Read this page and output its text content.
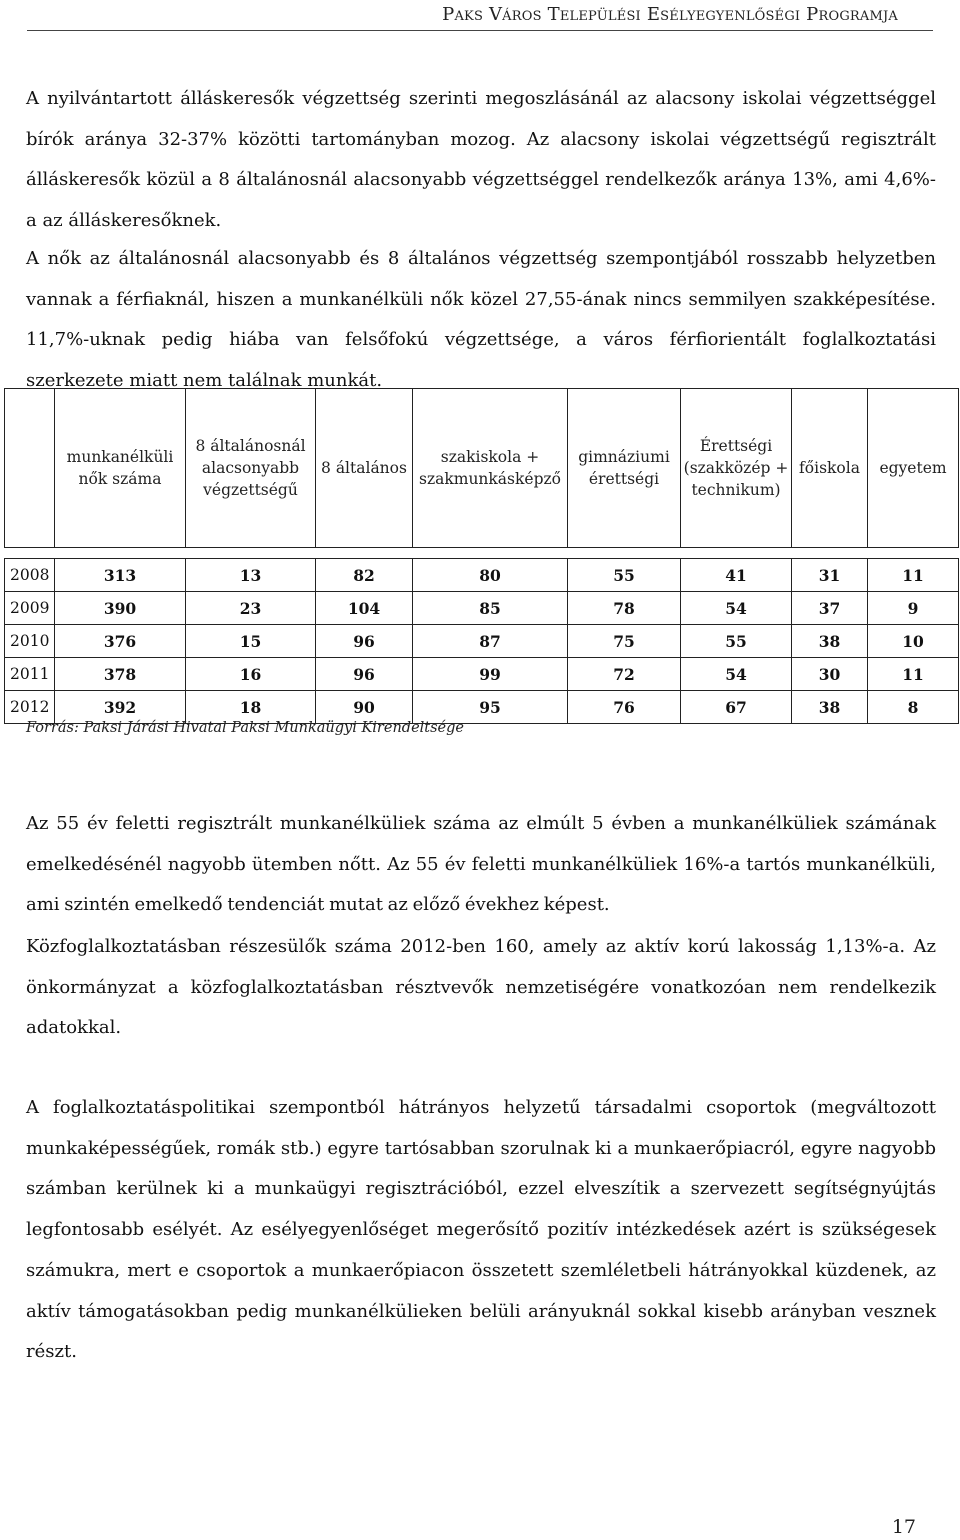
Paks Város Települési Esélyegyenlőségi Programja

A nyilvántartott álláskeresők végzettség szerinti megoszlásánál az alacsony iskolai végzettséggel bírók aránya 32-37% közötti tartományban mozog. Az alacsony iskolai végzettségű regisztrált álláskeresők közül a 8 általánosnál alacsonyabb végzettséggel rendelkezők aránya 13%, ami 4,6%-a az álláskeresőknek.

A nők az általánosnál alacsonyabb és 8 általános végzettség szempontjából rosszabb helyzetben vannak a férfiaknál, hiszen a munkanélküli nők közel 27,55-ának nincs semmilyen szakképesítése. 11,7%-uknak pedig hiába van felsőfokú végzettsége, a város férfiorientált foglalkoztatási szerkezete miatt nem találnak munkát.

	munkanélküli nők száma	8 általánosnál alacsonyabb végzettségű	8 általános	szakiskola + szakmunkásképző	gimnáziumi érettségi	Érettségi (szakközép + technikum)	főiskola	egyetem

2008	313	13	82	80	55	41	31	11
2009	390	23	104	85	78	54	37	9
2010	376	15	96	87	75	55	38	10
2011	378	16	96	99	72	54	30	11
2012	392	18	90	95	76	67	38	8
Forrás: Paksi Járási Hivatal Paksi Munkaügyi Kirendeltsége

Az 55 év feletti regisztrált munkanélküliek száma az elmúlt 5 évben a munkanélküliek számának emelkedésénél nagyobb ütemben nőtt. Az 55 év feletti munkanélküliek 16%-a tartós munkanélküli, ami szintén emelkedő tendenciát mutat az előző évekhez képest.

Közfoglalkoztatásban részesülők száma 2012-ben 160, amely az aktív korú lakosság 1,13%-a. Az önkormányzat a közfoglalkoztatásban résztvevők nemzetiségére vonatkozóan nem rendelkezik adatokkal.

A foglalkoztatáspolitikai szempontból hátrányos helyzetű társadalmi csoportok (megváltozott munkaképességűek, romák stb.) egyre tartósabban szorulnak ki a munkaerőpiacról, egyre nagyobb számban kerülnek ki a munkaügyi regisztrációból, ezzel elveszítik a szervezett segítségnyújtás legfontosabb esélyét. Az esélyegyenlőséget megerősítő pozitív intézkedések azért is szükségesek számukra, mert e csoportok a munkaerőpiacon összetett szemléletbeli hátrányokkal küzdenek, az aktív támogatásokban pedig munkanélkülieken belüli arányuknál sokkal kisebb arányban vesznek részt.

17
